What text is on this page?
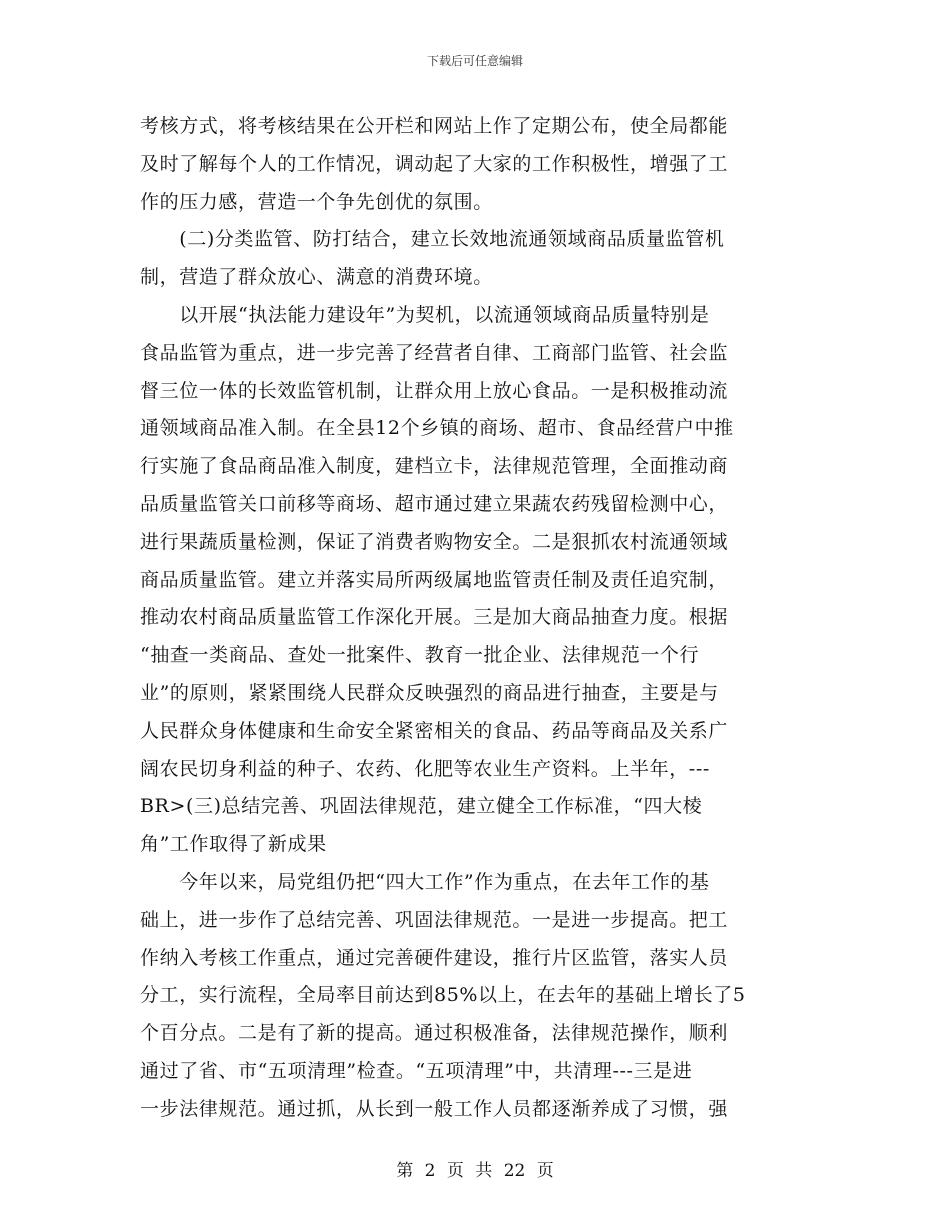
下载后可任意编辑
考核方式，将考核结果在公开栏和网站上作了定期公布，使全局都能
及时了解每个人的工作情况，调动起了大家的工作积极性，增强了工
作的压力感，营造一个争先创优的氛围。
　　(二)分类监管、防打结合，建立长效地流通领域商品质量监管机
制，营造了群众放心、满意的消费环境。
　　以开展“执法能力建设年”为契机，以流通领域商品质量特别是
食品监管为重点，进一步完善了经营者自律、工商部门监管、社会监
督三位一体的长效监管机制，让群众用上放心食品。一是积极推动流
通领域商品准入制。在全县12个乡镇的商场、超市、食品经营户中推
行实施了食品商品准入制度，建档立卡，法律规范管理，全面推动商
品质量监管关口前移等商场、超市通过建立果蔬农药残留检测中心，
进行果蔬质量检测，保证了消费者购物安全。二是狠抓农村流通领域
商品质量监管。建立并落实局所两级属地监管责任制及责任追究制，
推动农村商品质量监管工作深化开展。三是加大商品抽查力度。根据
“抽查一类商品、查处一批案件、教育一批企业、法律规范一个行
业”的原则，紧紧围绕人民群众反映强烈的商品进行抽查，主要是与
人民群众身体健康和生命安全紧密相关的食品、药品等商品及关系广
阔农民切身利益的种子、农药、化肥等农业生产资料。上半年，---
BR>(三)总结完善、巩固法律规范，建立健全工作标准，“四大棱
角”工作取得了新成果
　　今年以来，局党组仍把“四大工作”作为重点，在去年工作的基
础上，进一步作了总结完善、巩固法律规范。一是进一步提高。把工
作纳入考核工作重点，通过完善硬件建设，推行片区监管，落实人员
分工，实行流程，全局率目前达到85%以上，在去年的基础上增长了5
个百分点。二是有了新的提高。通过积极准备，法律规范操作，顺利
通过了省、市“五项清理”检查。“五项清理”中，共清理---三是进
一步法律规范。通过抓，从长到一般工作人员都逐渐养成了习惯，强
第 2 页 共 22 页
